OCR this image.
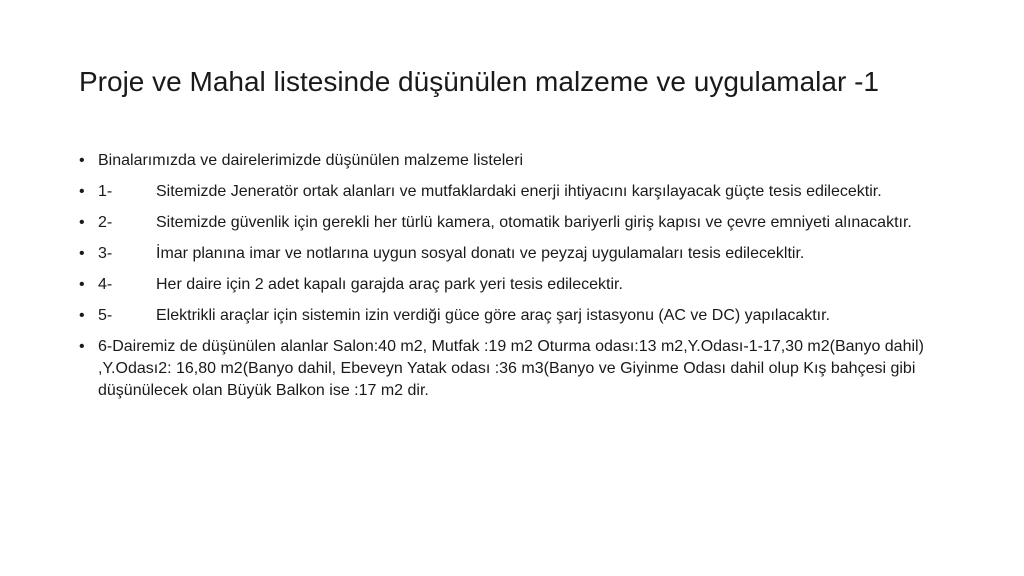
Proje ve Mahal listesinde düşünülen malzeme ve uygulamalar -1
• Binalarımızda ve dairelerimizde düşünülen malzeme listeleri
• 1-	Sitemizde Jeneratör ortak alanları ve mutfaklardaki enerji ihtiyacını karşılayacak güçte tesis edilecektir.
• 2-	Sitemizde güvenlik için gerekli her türlü kamera, otomatik bariyerli giriş kapısı ve çevre emniyeti alınacaktır.
• 3-	İmar planına imar ve notlarına uygun sosyal donatı ve peyzaj uygulamaları tesis edilecekltir.
• 4-	Her daire için 2 adet kapalı garajda araç park yeri tesis edilecektir.
• 5-	Elektrikli araçlar için sistemin izin verdiği güce göre araç şarj istasyonu (AC ve DC) yapılacaktır.
• 6-Dairemiz de düşünülen alanlar Salon:40 m2, Mutfak :19 m2 Oturma odası:13 m2,Y.Odası-1-17,30 m2(Banyo dahil) ,Y.Odası2: 16,80 m2(Banyo dahil, Ebeveyn Yatak odası :36 m3(Banyo ve Giyinme Odası dahil olup Kış bahçesi gibi düşünülecek olan Büyük Balkon ise :17 m2 dir.
